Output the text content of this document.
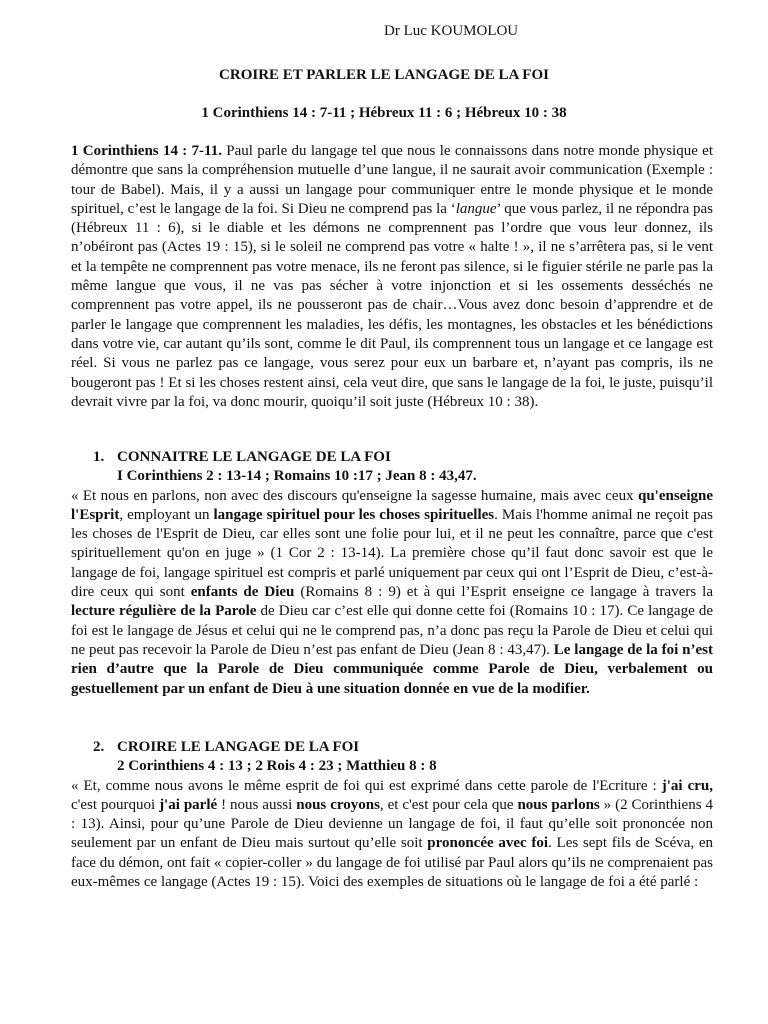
Dr Luc KOUMOLOU
CROIRE ET PARLER LE LANGAGE DE LA FOI
1 Corinthiens 14 : 7-11 ; Hébreux 11 : 6 ; Hébreux 10 : 38

1 Corinthiens 14 : 7-11. Paul parle du langage tel que nous le connaissons dans notre monde physique et démontre que sans la compréhension mutuelle d’une langue, il ne saurait avoir communication (Exemple : tour de Babel). Mais, il y a aussi un langage pour communiquer entre le monde physique et le monde spirituel, c’est le langage de la foi. Si Dieu ne comprend pas la ‘langue’ que vous parlez, il ne répondra pas (Hébreux 11 : 6), si le diable et les démons ne comprennent pas l’ordre que vous leur donnez, ils n’obéiront pas (Actes 19 : 15), si le soleil ne comprend pas votre « halte ! », il ne s’arrêtera pas, si le vent et la tempête ne comprennent pas votre menace, ils ne feront pas silence, si le figuier stérile ne parle pas la même langue que vous, il ne vas pas sécher à votre injonction et si les ossements desséchés ne comprennent pas votre appel, ils ne pousseront pas de chair…Vous avez donc besoin d’apprendre et de parler le langage que comprennent les maladies, les défis, les montagnes, les obstacles et les bénédictions dans votre vie, car autant qu’ils sont, comme le dit Paul, ils comprennent tous un langage et ce langage est réel. Si vous ne parlez pas ce langage, vous serez pour eux un barbare et, n’ayant pas compris, ils ne bougeront pas ! Et si les choses restent ainsi, cela veut dire, que sans le langage de la foi, le juste, puisqu’il devrait vivre par la foi, va donc mourir, quoiqu’il soit juste (Hébreux 10 : 38).

1. CONNAITRE LE LANGAGE DE LA FOI
I Corinthiens 2 : 13-14 ; Romains 10 :17 ; Jean 8 : 43,47.

« Et nous en parlons, non avec des discours qu'enseigne la sagesse humaine, mais avec ceux qu'enseigne l'Esprit, employant un langage spirituel pour les choses spirituelles. Mais l'homme animal ne reçoit pas les choses de l'Esprit de Dieu, car elles sont une folie pour lui, et il ne peut les connaître, parce que c'est spirituellement qu'on en juge » (1 Cor 2 : 13-14). La première chose qu’il faut donc savoir est que le langage de foi, langage spirituel est compris et parlé uniquement par ceux qui ont l’Esprit de Dieu, c’est-à-dire ceux qui sont enfants de Dieu (Romains 8 : 9) et à qui l’Esprit enseigne ce langage à travers la lecture régulière de la Parole de Dieu car c’est elle qui donne cette foi (Romains 10 : 17). Ce langage de foi est le langage de Jésus et celui qui ne le comprend pas, n’a donc pas reçu la Parole de Dieu et celui qui ne peut pas recevoir la Parole de Dieu n’est pas enfant de Dieu (Jean 8 : 43,47). Le langage de la foi n’est rien d’autre que la Parole de Dieu communiquée comme Parole de Dieu, verbalement ou gestuellement par un enfant de Dieu à une situation donnée en vue de la modifier.

2. CROIRE LE LANGAGE DE LA FOI
2 Corinthiens 4 : 13 ; 2 Rois 4 : 23 ; Matthieu 8 : 8

« Et, comme nous avons le même esprit de foi qui est exprimé dans cette parole de l'Ecriture : j'ai cru, c'est pourquoi j'ai parlé ! nous aussi nous croyons, et c'est pour cela que nous parlons » (2 Corinthiens 4 : 13). Ainsi, pour qu’une Parole de Dieu devienne un langage de foi, il faut qu’elle soit prononcée non seulement par un enfant de Dieu mais surtout qu’elle soit prononcée avec foi. Les sept fils de Scéva, en face du démon, ont fait « copier-coller » du langage de foi utilisé par Paul alors qu’ils ne comprenaient pas eux-mêmes ce langage (Actes 19 : 15). Voici des exemples de situations où le langage de foi a été parlé :
